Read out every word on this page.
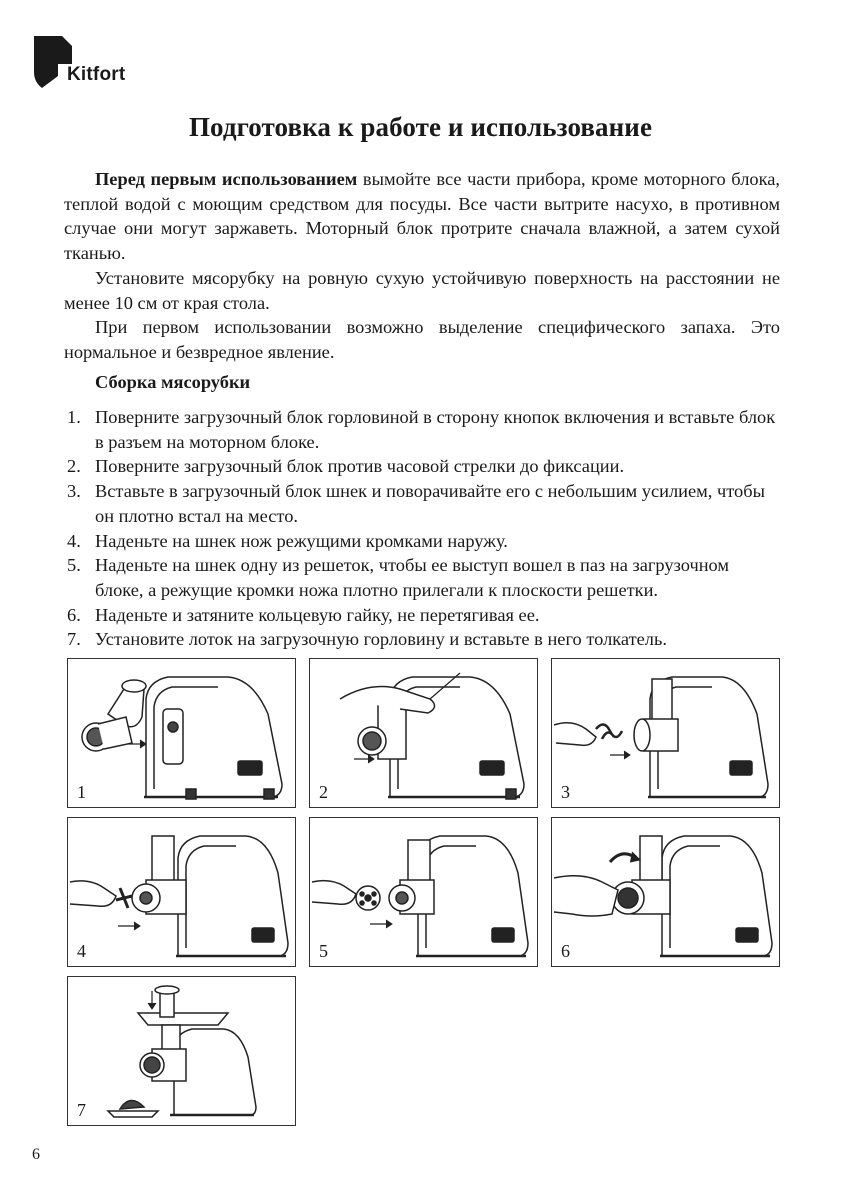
Kitfort
Подготовка к работе и использование

Перед первым использованием вымойте все части прибора, кроме моторного блока, теплой водой с моющим средством для посуды. Все части вытрите насухо, в противном случае они могут заржаветь. Моторный блок протрите сначала влажной, а затем сухой тканью.

Установите мясорубку на ровную сухую устойчивую поверхность на расстоянии не менее 10 см от края стола.

При первом использовании возможно выделение специфического запаха. Это нормальное и безвредное явление.

Сборка мясорубки
1. Поверните загрузочный блок горловиной в сторону кнопок включения и вставьте блок в разъем на моторном блоке.
2. Поверните загрузочный блок против часовой стрелки до фиксации.
3. Вставьте в загрузочный блок шнек и поворачивайте его с небольшим усилием, чтобы он плотно встал на место.
4. Наденьте на шнек нож режущими кромками наружу.
5. Наденьте на шнек одну из решеток, чтобы ее выступ вошел в паз на загрузочном блоке, а режущие кромки ножа плотно прилегали к плоскости решетки.
6. Наденьте и затяните кольцевую гайку, не перетягивая ее.
7. Установите лоток на загрузочную горловину и вставьте в него толкатель.
1	2	3
4	5	6
7
6
